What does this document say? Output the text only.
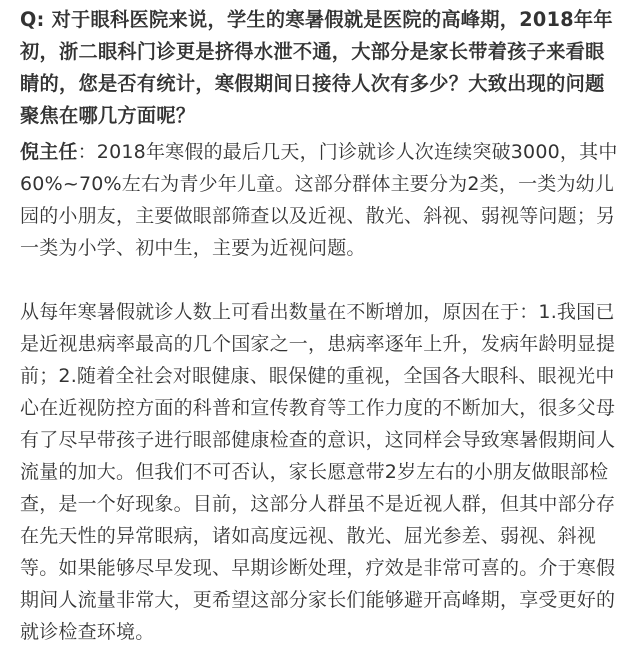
Q: 对于眼科医院来说，学生的寒暑假就是医院的高峰期，2018年年初，浙二眼科门诊更是挤得水泄不通，大部分是家长带着孩子来看眼睛的，您是否有统计，寒假期间日接待人次有多少？大致出现的问题聚焦在哪几方面呢？

倪主任：2018年寒假的最后几天，门诊就诊人次连续突破3000，其中60%~70%左右为青少年儿童。这部分群体主要分为2类，一类为幼儿园的小朋友，主要做眼部筛查以及近视、散光、斜视、弱视等问题；另一类为小学、初中生，主要为近视问题。

从每年寒暑假就诊人数上可看出数量在不断增加，原因在于：1.我国已是近视患病率最高的几个国家之一，患病率逐年上升，发病年龄明显提前；2.随着全社会对眼健康、眼保健的重视，全国各大眼科、眼视光中心在近视防控方面的科普和宣传教育等工作力度的不断加大，很多父母有了尽早带孩子进行眼部健康检查的意识，这同样会导致寒暑假期间人流量的加大。但我们不可否认，家长愿意带2岁左右的小朋友做眼部检查，是一个好现象。目前，这部分人群虽不是近视人群，但其中部分存在先天性的异常眼病，诸如高度远视、散光、屈光参差、弱视、斜视等。如果能够尽早发现、早期诊断处理，疗效是非常可喜的。介于寒假期间人流量非常大，更希望这部分家长们能够避开高峰期，享受更好的就诊检查环境。
